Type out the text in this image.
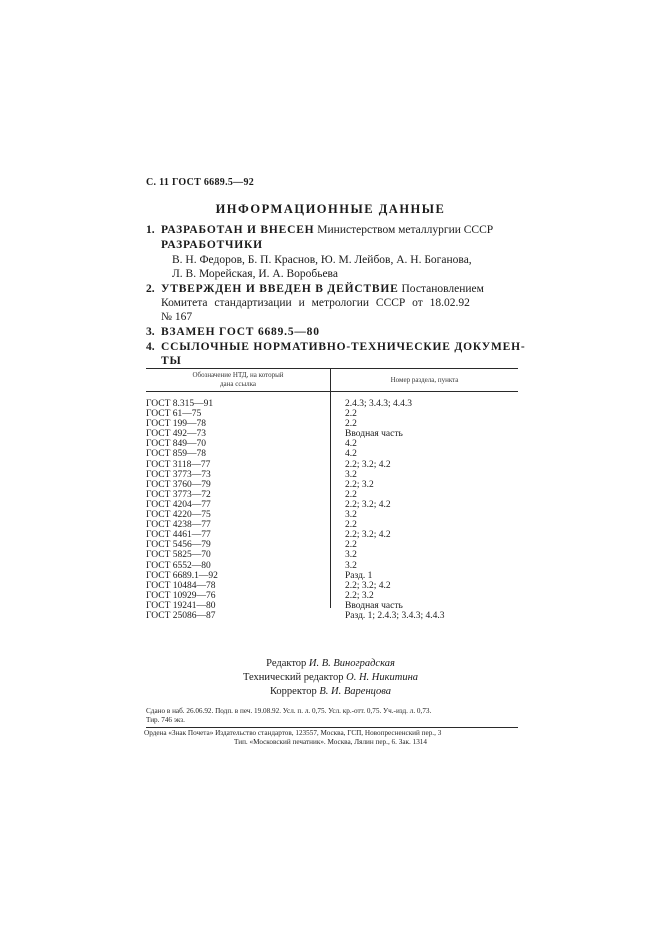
С. 11 ГОСТ 6689.5—92
ИНФОРМАЦИОННЫЕ ДАННЫЕ
1. РАЗРАБОТАН И ВНЕСЕН Министерством металлургии СССР
РАЗРАБОТЧИКИ
В. Н. Федоров, Б. П. Краснов, Ю. М. Лейбов, А. Н. Боганова,
Л. В. Морейская, И. А. Воробьева
2. УТВЕРЖДЕН И ВВЕДЕН В ДЕЙСТВИЕ Постановлением
Комитета стандартизации и метрологии СССР от 18.02.92
№ 167
3. ВЗАМЕН ГОСТ 6689.5—80
4. ССЫЛОЧНЫЕ НОРМАТИВНО-ТЕХНИЧЕСКИЕ ДОКУМЕН-
ТЫ
Обозначение НТД, на который
дана ссылка	Номер раздела, пункта
ГОСТ 8.315—91
ГОСТ 61—75
ГОСТ 199—78
ГОСТ 492—73
ГОСТ 849—70
ГОСТ 859—78
ГОСТ 3118—77
ГОСТ 3773—73
ГОСТ 3760—79
ГОСТ 3773—72
ГОСТ 4204—77
ГОСТ 4220—75
ГОСТ 4238—77
ГОСТ 4461—77
ГОСТ 5456—79
ГОСТ 5825—70
ГОСТ 6552—80
ГОСТ 6689.1—92
ГОСТ 10484—78
ГОСТ 10929—76
ГОСТ 19241—80
ГОСТ 25086—87
2.4.3; 3.4.3; 4.4.3
2.2
2.2
Вводная часть
4.2
4.2
2.2; 3.2; 4.2
3.2
2.2; 3.2
2.2
2.2; 3.2; 4.2
3.2
2.2
2.2; 3.2; 4.2
2.2
3.2
3.2
Разд. 1
2.2; 3.2; 4.2
2.2; 3.2
Вводная часть
Разд. 1; 2.4.3; 3.4.3; 4.4.3
Редактор И. В. Виноградская
Технический редактор О. Н. Никитина
Корректор В. И. Варенцова
Сдано в наб. 26.06.92. Подп. в печ. 19.08.92. Усл. п. л. 0,75. Усл. кр.-отт. 0,75. Уч.-изд. л. 0,73.
Тир. 746 экз.
Ордена «Знак Почета» Издательство стандартов, 123557, Москва, ГСП, Новопресненский пер., 3
Тип. «Московский печатник». Москва, Лялин пер., 6. Зак. 1314
